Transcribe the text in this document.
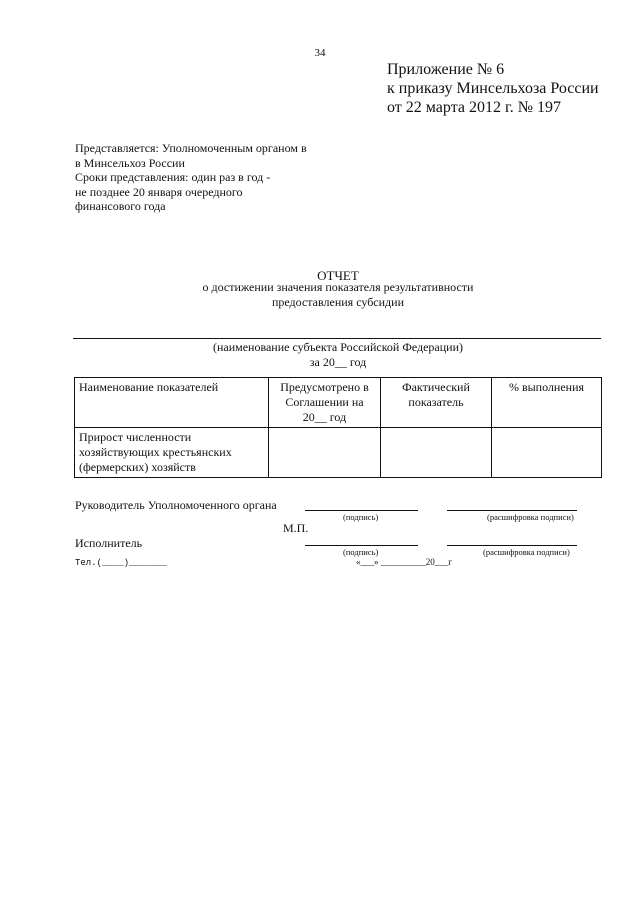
34
Приложение № 6
к приказу Минсельхоза России
от 22 марта 2012 г. № 197
Представляется: Уполномоченным органом в
в Минсельхоз России
Сроки представления: один раз в год -
не позднее 20 января очередного
финансового года
ОТЧЕТ
о достижении значения показателя результативности
предоставления субсидии
(наименование субъекта Российской Федерации)
за 20__ год
Наименование показателей	Предусмотрено в Соглашении на 20__ год	Фактический показатель	% выполнения
Прирост численности хозяйствующих крестьянских (фермерских) хозяйств			
Руководитель Уполномоченного органа
(подпись)	(расшифровка подписи)
М.П.
Исполнитель
(подпись)	(расшифровка подписи)
Тел.(____)_______	«___» __________20___г
